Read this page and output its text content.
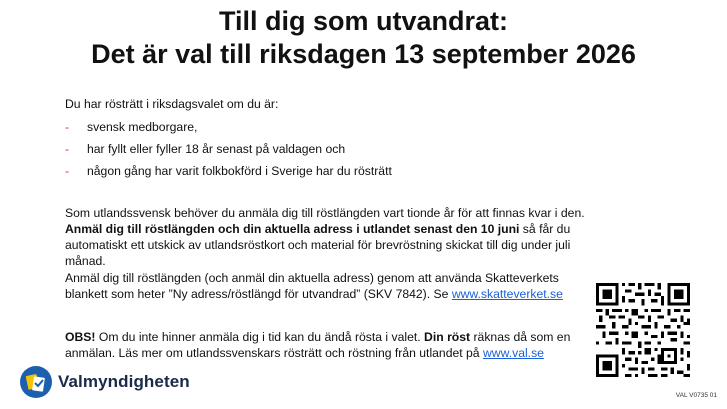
Till dig som utvandrat:
Det är val till riksdagen 13 september 2026
Du har rösträtt i riksdagsvalet om du är:
- svensk medborgare,
- har fyllt eller fyller 18 år senast på valdagen och
- någon gång har varit folkbokförd i Sverige har du rösträtt

Som utlandssvensk behöver du anmäla dig till röstlängden vart tionde år för att finnas kvar i den. Anmäl dig till röstlängden och din aktuella adress i utlandet senast den 10 juni så får du automatiskt ett utskick av utlandsröstkort och material för brevröstning skickat till dig under juli månad.

Anmäl dig till röstlängden (och anmäl din aktuella adress) genom att använda Skatteverkets blankett som heter ”Ny adress/röstlängd för utvandrad” (SKV 7842). Se www.skatteverket.se

OBS! Om du inte hinner anmäla dig i tid kan du ändå rösta i valet. Din röst räknas då som en anmälan. Läs mer om utlandssvenskars rösträtt och röstning från utlandet på www.val.se

Valmyndigheten
VAL V0735 01
